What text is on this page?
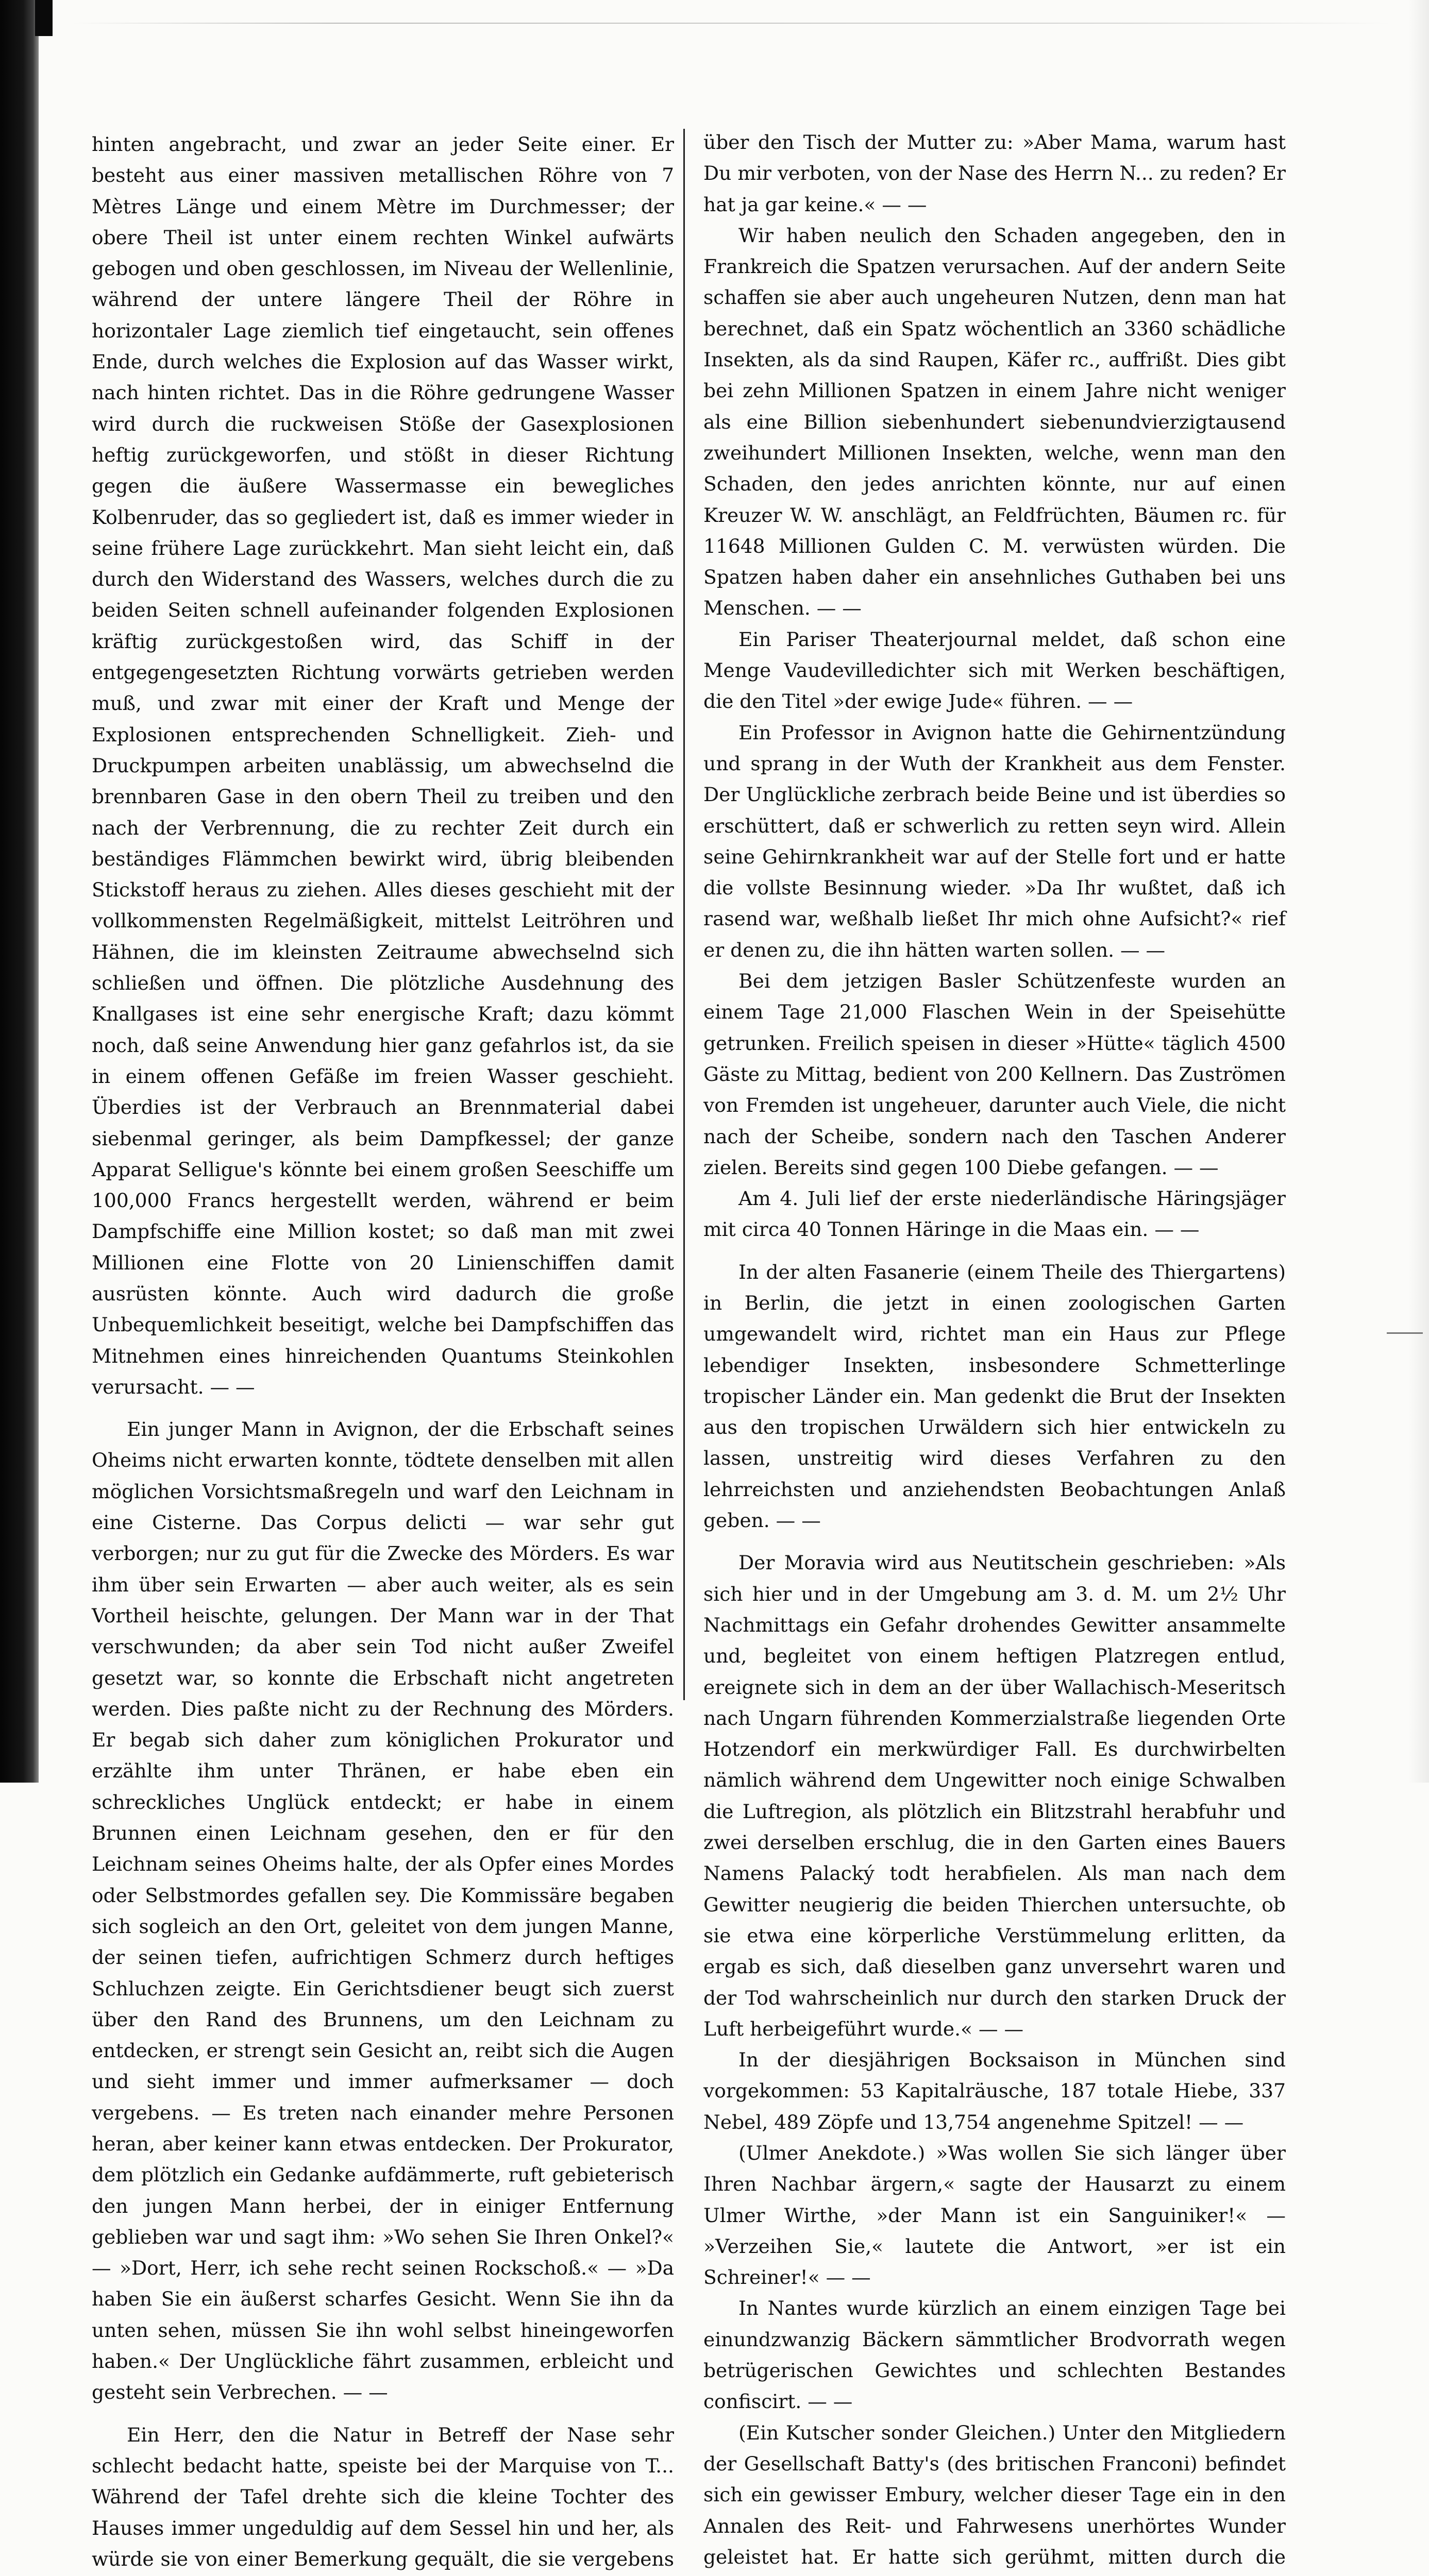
hinten angebracht, und zwar an jeder Seite einer. Er besteht aus einer massiven metallischen Röhre von 7 Mètres Länge und einem Mètre im Durchmesser; der obere Theil ist unter einem rechten Winkel aufwärts gebogen und oben geschlossen, im Niveau der Wellenlinie, während der untere längere Theil der Röhre in horizontaler Lage ziemlich tief eingetaucht, sein offenes Ende, durch welches die Explosion auf das Wasser wirkt, nach hinten richtet. Das in die Röhre gedrungene Wasser wird durch die ruckweisen Stöße der Gasexplosionen heftig zurückgeworfen, und stößt in dieser Richtung gegen die äußere Wassermasse ein bewegliches Kolbenruder, das so gegliedert ist, daß es immer wieder in seine frühere Lage zurückkehrt. Man sieht leicht ein, daß durch den Widerstand des Wassers, welches durch die zu beiden Seiten schnell aufeinander folgenden Explosionen kräftig zurückgestoßen wird, das Schiff in der entgegengesetzten Richtung vorwärts getrieben werden muß, und zwar mit einer der Kraft und Menge der Explosionen entsprechenden Schnelligkeit. Zieh- und Druckpumpen arbeiten unablässig, um abwechselnd die brennbaren Gase in den obern Theil zu treiben und den nach der Verbrennung, die zu rechter Zeit durch ein beständiges Flämmchen bewirkt wird, übrig bleibenden Stickstoff heraus zu ziehen. Alles dieses geschieht mit der vollkommensten Regelmäßigkeit, mittelst Leitröhren und Hähnen, die im kleinsten Zeitraume abwechselnd sich schließen und öffnen. Die plötzliche Ausdehnung des Knallgases ist eine sehr energische Kraft; dazu kömmt noch, daß seine Anwendung hier ganz gefahrlos ist, da sie in einem offenen Gefäße im freien Wasser geschieht. Überdies ist der Verbrauch an Brennmaterial dabei siebenmal geringer, als beim Dampfkessel; der ganze Apparat Selligue's könnte bei einem großen Seeschiffe um 100,000 Francs hergestellt werden, während er beim Dampfschiffe eine Million kostet; so daß man mit zwei Millionen eine Flotte von 20 Linienschiffen damit ausrüsten könnte. Auch wird dadurch die große Unbequemlichkeit beseitigt, welche bei Dampfschiffen das Mitnehmen eines hinreichenden Quantums Steinkohlen verursacht. — —

Ein junger Mann in Avignon, der die Erbschaft seines Oheims nicht erwarten konnte, tödtete denselben mit allen möglichen Vorsichtsmaßregeln und warf den Leichnam in eine Cisterne. Das Corpus delicti — war sehr gut verborgen; nur zu gut für die Zwecke des Mörders. Es war ihm über sein Erwarten — aber auch weiter, als es sein Vortheil heischte, gelungen. Der Mann war in der That verschwunden; da aber sein Tod nicht außer Zweifel gesetzt war, so konnte die Erbschaft nicht angetreten werden. Dies paßte nicht zu der Rechnung des Mörders. Er begab sich daher zum königlichen Prokurator und erzählte ihm unter Thränen, er habe eben ein schreckliches Unglück entdeckt; er habe in einem Brunnen einen Leichnam gesehen, den er für den Leichnam seines Oheims halte, der als Opfer eines Mordes oder Selbstmordes gefallen sey. Die Kommissäre begaben sich sogleich an den Ort, geleitet von dem jungen Manne, der seinen tiefen, aufrichtigen Schmerz durch heftiges Schluchzen zeigte. Ein Gerichtsdiener beugt sich zuerst über den Rand des Brunnens, um den Leichnam zu entdecken, er strengt sein Gesicht an, reibt sich die Augen und sieht immer und immer aufmerksamer — doch vergebens. — Es treten nach einander mehre Personen heran, aber keiner kann etwas entdecken. Der Prokurator, dem plötzlich ein Gedanke aufdämmerte, ruft gebieterisch den jungen Mann herbei, der in einiger Entfernung geblieben war und sagt ihm: »Wo sehen Sie Ihren Onkel?« — »Dort, Herr, ich sehe recht seinen Rockschoß.« — »Da haben Sie ein äußerst scharfes Gesicht. Wenn Sie ihn da unten sehen, müssen Sie ihn wohl selbst hineingeworfen haben.« Der Unglückliche fährt zusammen, erbleicht und gesteht sein Verbrechen. — —

Ein Herr, den die Natur in Betreff der Nase sehr schlecht bedacht hatte, speiste bei der Marquise von T... Während der Tafel drehte sich die kleine Tochter des Hauses immer ungeduldig auf dem Sessel hin und her, als würde sie von einer Bemerkung gequält, die sie vergebens

über den Tisch der Mutter zu: »Aber Mama, warum hast Du mir verboten, von der Nase des Herrn N... zu reden? Er hat ja gar keine.« — —

Wir haben neulich den Schaden angegeben, den in Frankreich die Spatzen verursachen. Auf der andern Seite schaffen sie aber auch ungeheuren Nutzen, denn man hat berechnet, daß ein Spatz wöchentlich an 3360 schädliche Insekten, als da sind Raupen, Käfer rc., auffrißt. Dies gibt bei zehn Millionen Spatzen in einem Jahre nicht weniger als eine Billion siebenhundert siebenundvierzigtausend zweihundert Millionen Insekten, welche, wenn man den Schaden, den jedes anrichten könnte, nur auf einen Kreuzer W. W. anschlägt, an Feldfrüchten, Bäumen rc. für 11648 Millionen Gulden C. M. verwüsten würden. Die Spatzen haben daher ein ansehnliches Guthaben bei uns Menschen. — —

Ein Pariser Theaterjournal meldet, daß schon eine Menge Vaudevilledichter sich mit Werken beschäftigen, die den Titel »der ewige Jude« führen. — —

Ein Professor in Avignon hatte die Gehirnentzündung und sprang in der Wuth der Krankheit aus dem Fenster. Der Unglückliche zerbrach beide Beine und ist überdies so erschüttert, daß er schwerlich zu retten seyn wird. Allein seine Gehirnkrankheit war auf der Stelle fort und er hatte die vollste Besinnung wieder. »Da Ihr wußtet, daß ich rasend war, weßhalb ließet Ihr mich ohne Aufsicht?« rief er denen zu, die ihn hätten warten sollen. — —

Bei dem jetzigen Basler Schützenfeste wurden an einem Tage 21,000 Flaschen Wein in der Speisehütte getrunken. Freilich speisen in dieser »Hütte« täglich 4500 Gäste zu Mittag, bedient von 200 Kellnern. Das Zuströmen von Fremden ist ungeheuer, darunter auch Viele, die nicht nach der Scheibe, sondern nach den Taschen Anderer zielen. Bereits sind gegen 100 Diebe gefangen. — —

Am 4. Juli lief der erste niederländische Häringsjäger mit circa 40 Tonnen Häringe in die Maas ein. — —

In der alten Fasanerie (einem Theile des Thiergartens) in Berlin, die jetzt in einen zoologischen Garten umgewandelt wird, richtet man ein Haus zur Pflege lebendiger Insekten, insbesondere Schmetterlinge tropischer Länder ein. Man gedenkt die Brut der Insekten aus den tropischen Urwäldern sich hier entwickeln zu lassen, unstreitig wird dieses Verfahren zu den lehrreichsten und anziehendsten Beobachtungen Anlaß geben. — —

Der Moravia wird aus Neutitschein geschrieben: »Als sich hier und in der Umgebung am 3. d. M. um 2½ Uhr Nachmittags ein Gefahr drohendes Gewitter ansammelte und, begleitet von einem heftigen Platzregen entlud, ereignete sich in dem an der über Wallachisch-Meseritsch nach Ungarn führenden Kommerzialstraße liegenden Orte Hotzendorf ein merkwürdiger Fall. Es durchwirbelten nämlich während dem Ungewitter noch einige Schwalben die Luftregion, als plötzlich ein Blitzstrahl herabfuhr und zwei derselben erschlug, die in den Garten eines Bauers Namens Palacký todt herabfielen. Als man nach dem Gewitter neugierig die beiden Thierchen untersuchte, ob sie etwa eine körperliche Verstümmelung erlitten, da ergab es sich, daß dieselben ganz unversehrt waren und der Tod wahrscheinlich nur durch den starken Druck der Luft herbeigeführt wurde.« — —

In der diesjährigen Bocksaison in München sind vorgekommen: 53 Kapitalräusche, 187 totale Hiebe, 337 Nebel, 489 Zöpfe und 13,754 angenehme Spitzel! — —

(Ulmer Anekdote.) »Was wollen Sie sich länger über Ihren Nachbar ärgern,« sagte der Hausarzt zu einem Ulmer Wirthe, »der Mann ist ein Sanguiniker!« — »Verzeihen Sie,« lautete die Antwort, »er ist ein Schreiner!« — —

In Nantes wurde kürzlich an einem einzigen Tage bei einundzwanzig Bäckern sämmtlicher Brodvorrath wegen betrügerischen Gewichtes und schlechten Bestandes confiscirt. — —

(Ein Kutscher sonder Gleichen.) Unter den Mitgliedern der Gesellschaft Batty's (des britischen Franconi) befindet sich ein gewisser Embury, welcher dieser Tage ein in den Annalen des Reit- und Fahrwesens unerhörtes Wunder geleistet hat. Er hatte sich gerühmt, mitten durch die
